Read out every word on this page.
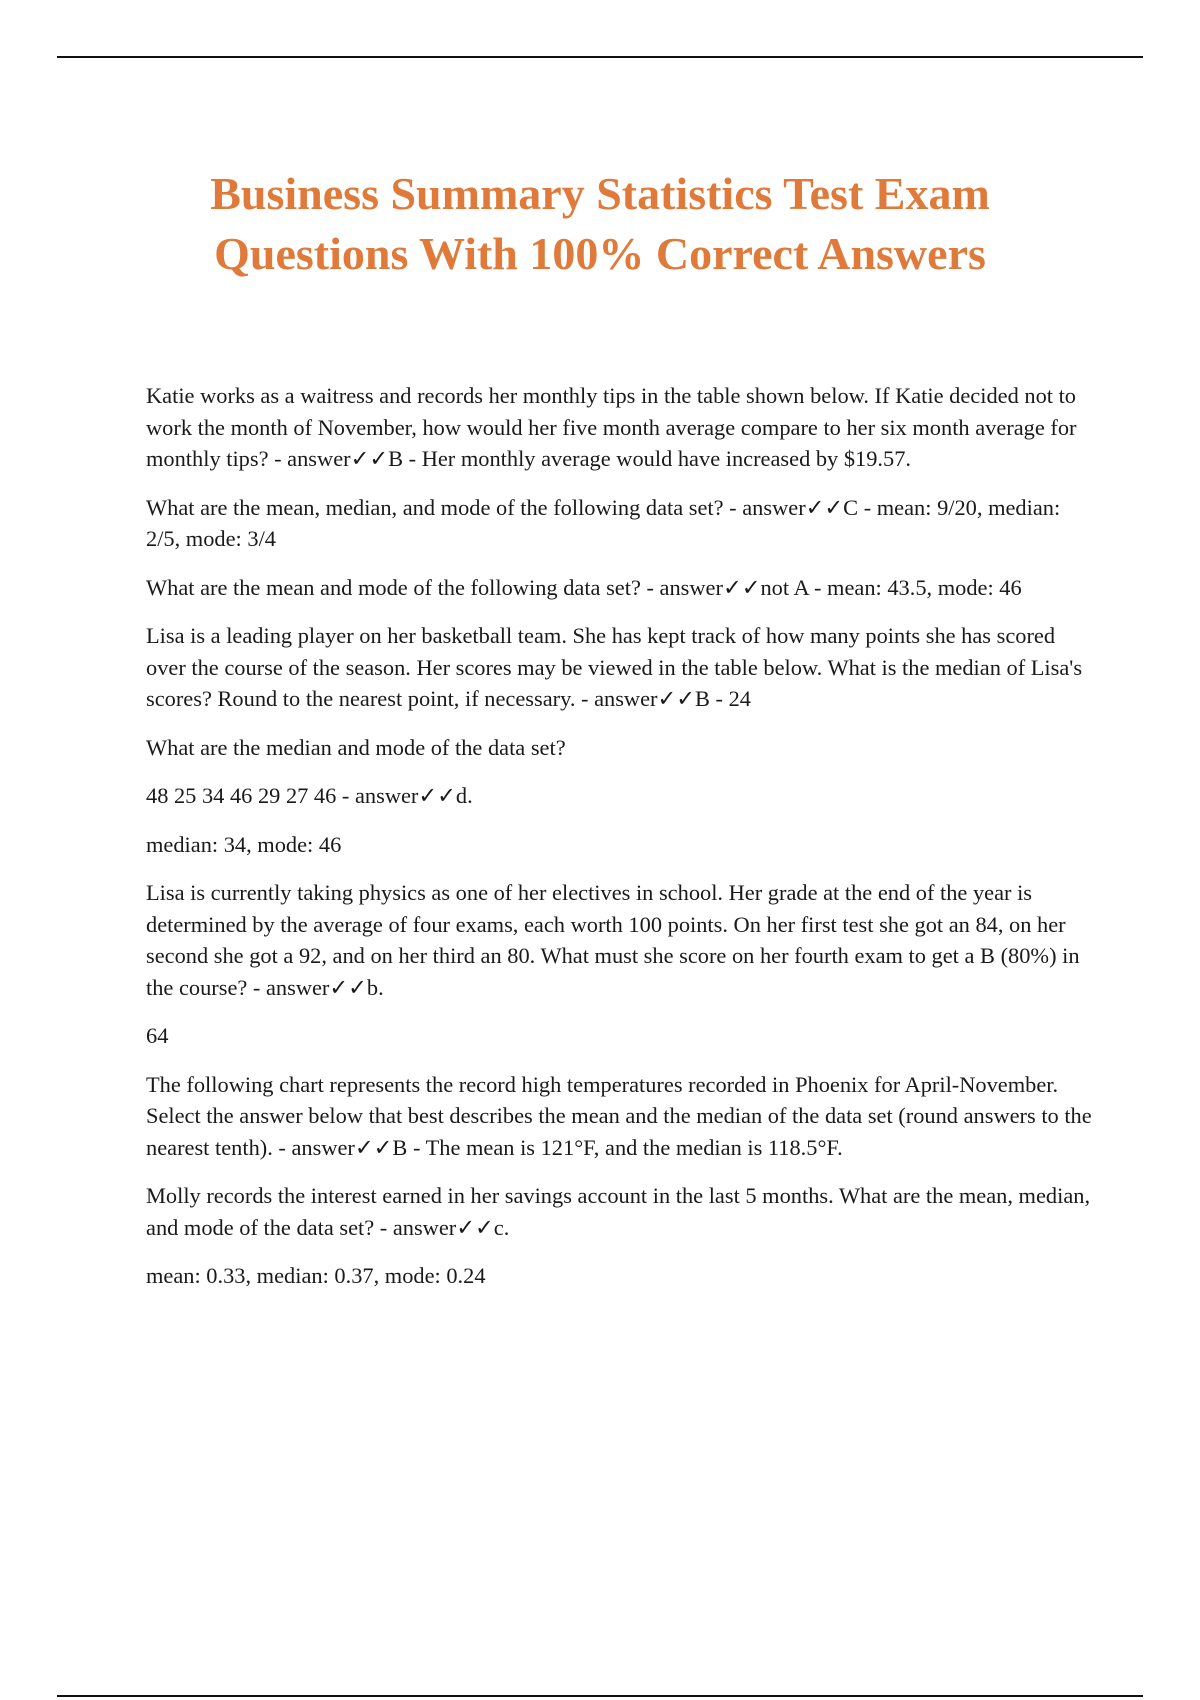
Business Summary Statistics Test Exam
Questions With 100% Correct Answers

Katie works as a waitress and records her monthly tips in the table shown below. If Katie decided not to work the month of November, how would her five month average compare to her six month average for monthly tips? - answer✓✓B - Her monthly average would have increased by $19.57.

What are the mean, median, and mode of the following data set? - answer✓✓C - mean: 9/20, median: 2/5, mode: 3/4

What are the mean and mode of the following data set? - answer✓✓not A - mean: 43.5, mode: 46

Lisa is a leading player on her basketball team. She has kept track of how many points she has scored over the course of the season. Her scores may be viewed in the table below. What is the median of Lisa's scores? Round to the nearest point, if necessary. - answer✓✓B - 24

What are the median and mode of the data set?

48 25 34 46 29 27 46 - answer✓✓d.

median: 34, mode: 46

Lisa is currently taking physics as one of her electives in school. Her grade at the end of the year is determined by the average of four exams, each worth 100 points. On her first test she got an 84, on her second she got a 92, and on her third an 80. What must she score on her fourth exam to get a B (80%) in the course? - answer✓✓b.

64

The following chart represents the record high temperatures recorded in Phoenix for April-November. Select the answer below that best describes the mean and the median of the data set (round answers to the nearest tenth). - answer✓✓B - The mean is 121°F, and the median is 118.5°F.

Molly records the interest earned in her savings account in the last 5 months. What are the mean, median, and mode of the data set? - answer✓✓c.

mean: 0.33, median: 0.37, mode: 0.24
